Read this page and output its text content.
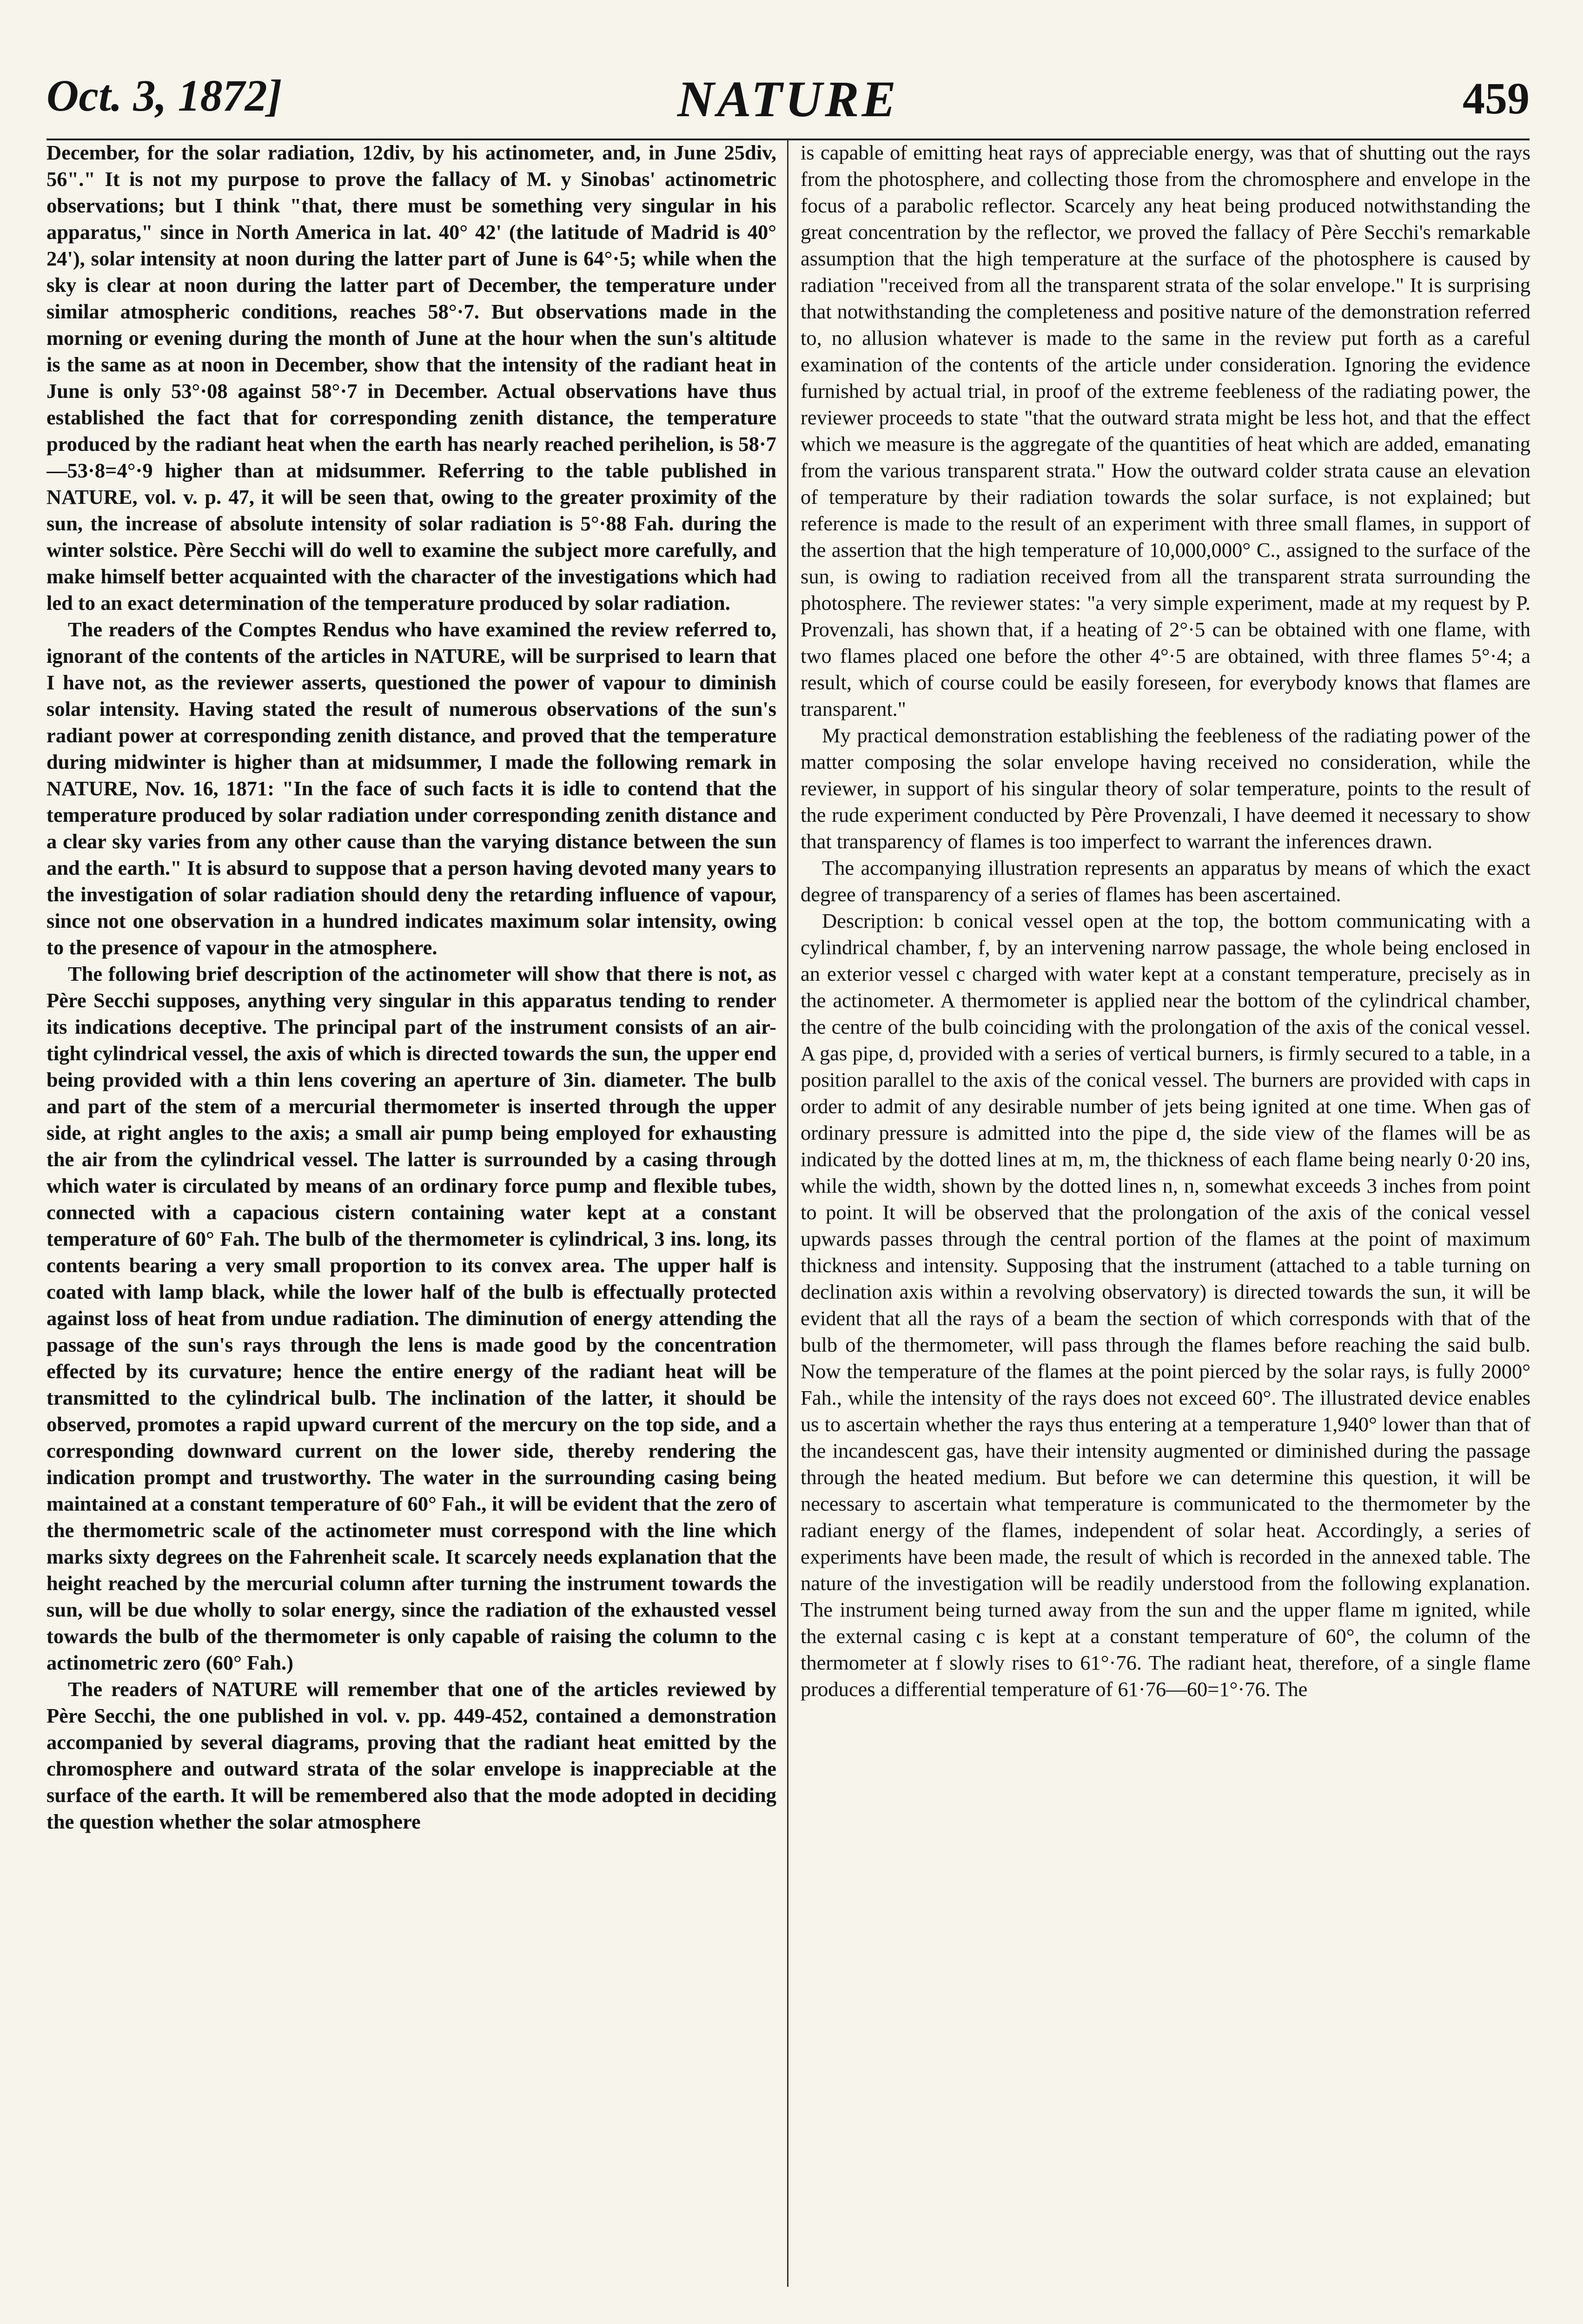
Oct. 3, 1872]	NATURE	459

December, for the solar radiation, 12div, by his actinometer, and, in June 25div, 56"." It is not my purpose to prove the fallacy of M. y Sinobas' actinometric observations; but I think "that, there must be something very singular in his apparatus," since in North America in lat. 40° 42' (the latitude of Madrid is 40° 24'), solar intensity at noon during the latter part of June is 64°·5; while when the sky is clear at noon during the latter part of December, the temperature under similar atmospheric conditions, reaches 58°·7. But observations made in the morning or evening during the month of June at the hour when the sun's altitude is the same as at noon in December, show that the intensity of the radiant heat in June is only 53°·08 against 58°·7 in December. Actual observations have thus established the fact that for corresponding zenith distance, the temperature produced by the radiant heat when the earth has nearly reached perihelion, is 58·7—53·8=4°·9 higher than at midsummer. Referring to the table published in NATURE, vol. v. p. 47, it will be seen that, owing to the greater proximity of the sun, the increase of absolute intensity of solar radiation is 5°·88 Fah. during the winter solstice. Père Secchi will do well to examine the subject more carefully, and make himself better acquainted with the character of the investigations which had led to an exact determination of the temperature produced by solar radiation.

The readers of the Comptes Rendus who have examined the review referred to, ignorant of the contents of the articles in NATURE, will be surprised to learn that I have not, as the reviewer asserts, questioned the power of vapour to diminish solar intensity. Having stated the result of numerous observations of the sun's radiant power at corresponding zenith distance, and proved that the temperature during midwinter is higher than at midsummer, I made the following remark in NATURE, Nov. 16, 1871: "In the face of such facts it is idle to contend that the temperature produced by solar radiation under corresponding zenith distance and a clear sky varies from any other cause than the varying distance between the sun and the earth." It is absurd to suppose that a person having devoted many years to the investigation of solar radiation should deny the retarding influence of vapour, since not one observation in a hundred indicates maximum solar intensity, owing to the presence of vapour in the atmosphere.

The following brief description of the actinometer will show that there is not, as Père Secchi supposes, anything very singular in this apparatus tending to render its indications deceptive. The principal part of the instrument consists of an air-tight cylindrical vessel, the axis of which is directed towards the sun, the upper end being provided with a thin lens covering an aperture of 3in. diameter. The bulb and part of the stem of a mercurial thermometer is inserted through the upper side, at right angles to the axis; a small air pump being employed for exhausting the air from the cylindrical vessel. The latter is surrounded by a casing through which water is circulated by means of an ordinary force pump and flexible tubes, connected with a capacious cistern containing water kept at a constant temperature of 60° Fah. The bulb of the thermometer is cylindrical, 3 ins. long, its contents bearing a very small proportion to its convex area. The upper half is coated with lamp black, while the lower half of the bulb is effectually protected against loss of heat from undue radiation. The diminution of energy attending the passage of the sun's rays through the lens is made good by the concentration effected by its curvature; hence the entire energy of the radiant heat will be transmitted to the cylindrical bulb. The inclination of the latter, it should be observed, promotes a rapid upward current of the mercury on the top side, and a corresponding downward current on the lower side, thereby rendering the indication prompt and trustworthy. The water in the surrounding casing being maintained at a constant temperature of 60° Fah., it will be evident that the zero of the thermometric scale of the actinometer must correspond with the line which marks sixty degrees on the Fahrenheit scale. It scarcely needs explanation that the height reached by the mercurial column after turning the instrument towards the sun, will be due wholly to solar energy, since the radiation of the exhausted vessel towards the bulb of the thermometer is only capable of raising the column to the actinometric zero (60° Fah.)

The readers of NATURE will remember that one of the articles reviewed by Père Secchi, the one published in vol. v. pp. 449-452, contained a demonstration accompanied by several diagrams, proving that the radiant heat emitted by the chromosphere and outward strata of the solar envelope is inappreciable at the surface of the earth. It will be remembered also that the mode adopted in deciding the question whether the solar atmosphere

is capable of emitting heat rays of appreciable energy, was that of shutting out the rays from the photosphere, and collecting those from the chromosphere and envelope in the focus of a parabolic reflector. Scarcely any heat being produced notwithstanding the great concentration by the reflector, we proved the fallacy of Père Secchi's remarkable assumption that the high temperature at the surface of the photosphere is caused by radiation "received from all the transparent strata of the solar envelope." It is surprising that notwithstanding the completeness and positive nature of the demonstration referred to, no allusion whatever is made to the same in the review put forth as a careful examination of the contents of the article under consideration. Ignoring the evidence furnished by actual trial, in proof of the extreme feebleness of the radiating power, the reviewer proceeds to state "that the outward strata might be less hot, and that the effect which we measure is the aggregate of the quantities of heat which are added, emanating from the various transparent strata." How the outward colder strata cause an elevation of temperature by their radiation towards the solar surface, is not explained; but reference is made to the result of an experiment with three small flames, in support of the assertion that the high temperature of 10,000,000° C., assigned to the surface of the sun, is owing to radiation received from all the transparent strata surrounding the photosphere. The reviewer states: "a very simple experiment, made at my request by P. Provenzali, has shown that, if a heating of 2°·5 can be obtained with one flame, with two flames placed one before the other 4°·5 are obtained, with three flames 5°·4; a result, which of course could be easily foreseen, for everybody knows that flames are transparent."

My practical demonstration establishing the feebleness of the radiating power of the matter composing the solar envelope having received no consideration, while the reviewer, in support of his singular theory of solar temperature, points to the result of the rude experiment conducted by Père Provenzali, I have deemed it necessary to show that transparency of flames is too imperfect to warrant the inferences drawn.

The accompanying illustration represents an apparatus by means of which the exact degree of transparency of a series of flames has been ascertained.

Description: b conical vessel open at the top, the bottom communicating with a cylindrical chamber, f, by an intervening narrow passage, the whole being enclosed in an exterior vessel c charged with water kept at a constant temperature, precisely as in the actinometer. A thermometer is applied near the bottom of the cylindrical chamber, the centre of the bulb coinciding with the prolongation of the axis of the conical vessel. A gas pipe, d, provided with a series of vertical burners, is firmly secured to a table, in a position parallel to the axis of the conical vessel. The burners are provided with caps in order to admit of any desirable number of jets being ignited at one time. When gas of ordinary pressure is admitted into the pipe d, the side view of the flames will be as indicated by the dotted lines at m, m, the thickness of each flame being nearly 0·20 ins, while the width, shown by the dotted lines n, n, somewhat exceeds 3 inches from point to point. It will be observed that the prolongation of the axis of the conical vessel upwards passes through the central portion of the flames at the point of maximum thickness and intensity. Supposing that the instrument (attached to a table turning on declination axis within a revolving observatory) is directed towards the sun, it will be evident that all the rays of a beam the section of which corresponds with that of the bulb of the thermometer, will pass through the flames before reaching the said bulb. Now the temperature of the flames at the point pierced by the solar rays, is fully 2000° Fah., while the intensity of the rays does not exceed 60°. The illustrated device enables us to ascertain whether the rays thus entering at a temperature 1,940° lower than that of the incandescent gas, have their intensity augmented or diminished during the passage through the heated medium. But before we can determine this question, it will be necessary to ascertain what temperature is communicated to the thermometer by the radiant energy of the flames, independent of solar heat. Accordingly, a series of experiments have been made, the result of which is recorded in the annexed table. The nature of the investigation will be readily understood from the following explanation. The instrument being turned away from the sun and the upper flame m ignited, while the external casing c is kept at a constant temperature of 60°, the column of the thermometer at f slowly rises to 61°·76. The radiant heat, therefore, of a single flame produces a differential temperature of 61·76—60=1°·76. The
